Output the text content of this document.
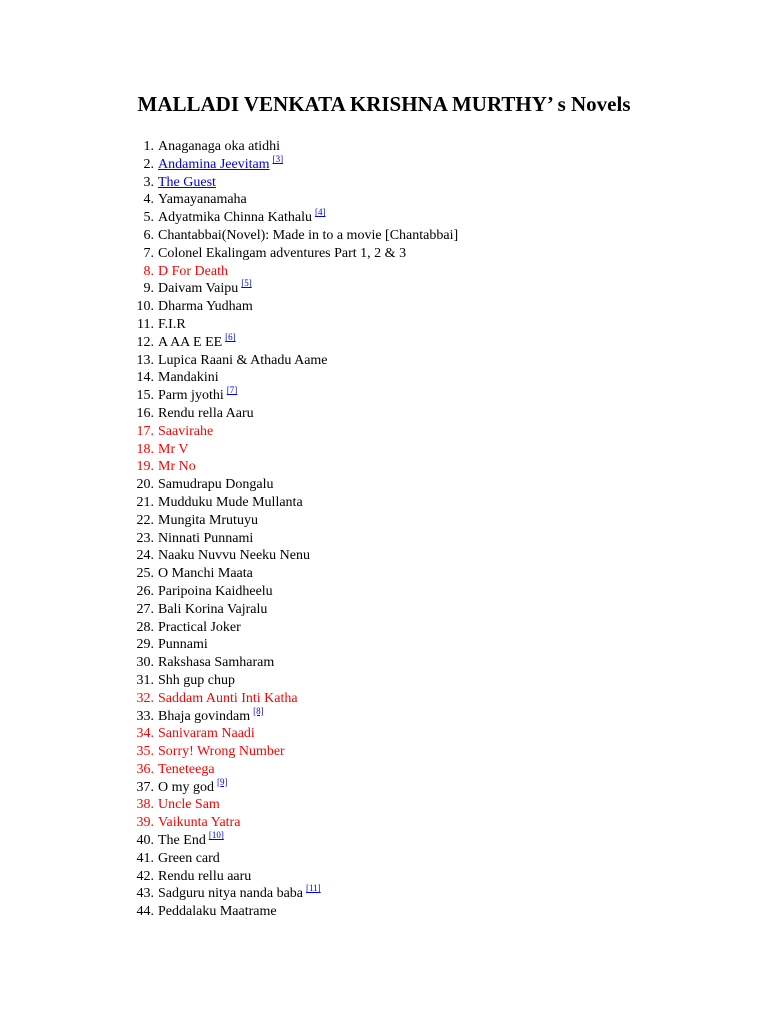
MALLADI VENKATA KRISHNA MURTHY’ s Novels
1. Anaganaga oka atidhi
2. Andamina Jeevitam [3]
3. The Guest
4. Yamayanamaha
5. Adyatmika Chinna Kathalu [4]
6. Chantabbai(Novel): Made in to a movie [Chantabbai]
7. Colonel Ekalingam adventures Part 1, 2 & 3
8. D For Death
9. Daivam Vaipu [5]
10. Dharma Yudham
11. F.I.R
12. A AA E EE [6]
13. Lupica Raani & Athadu Aame
14. Mandakini
15. Parm jyothi [7]
16. Rendu rella Aaru
17. Saavirahe
18. Mr V
19. Mr No
20. Samudrapu Dongalu
21. Mudduku Mude Mullanta
22. Mungita Mrutuyu
23. Ninnati Punnami
24. Naaku Nuvvu Neeku Nenu
25. O Manchi Maata
26. Paripoina Kaidheelu
27. Bali Korina Vajralu
28. Practical Joker
29. Punnami
30. Rakshasa Samharam
31. Shh gup chup
32. Saddam Aunti Inti Katha
33. Bhaja govindam [8]
34. Sanivaram Naadi
35. Sorry! Wrong Number
36. Teneteega
37. O my god [9]
38. Uncle Sam
39. Vaikunta Yatra
40. The End [10]
41. Green card
42. Rendu rellu aaru
43. Sadguru nitya nanda baba [11]
44. Peddalaku Maatrame
